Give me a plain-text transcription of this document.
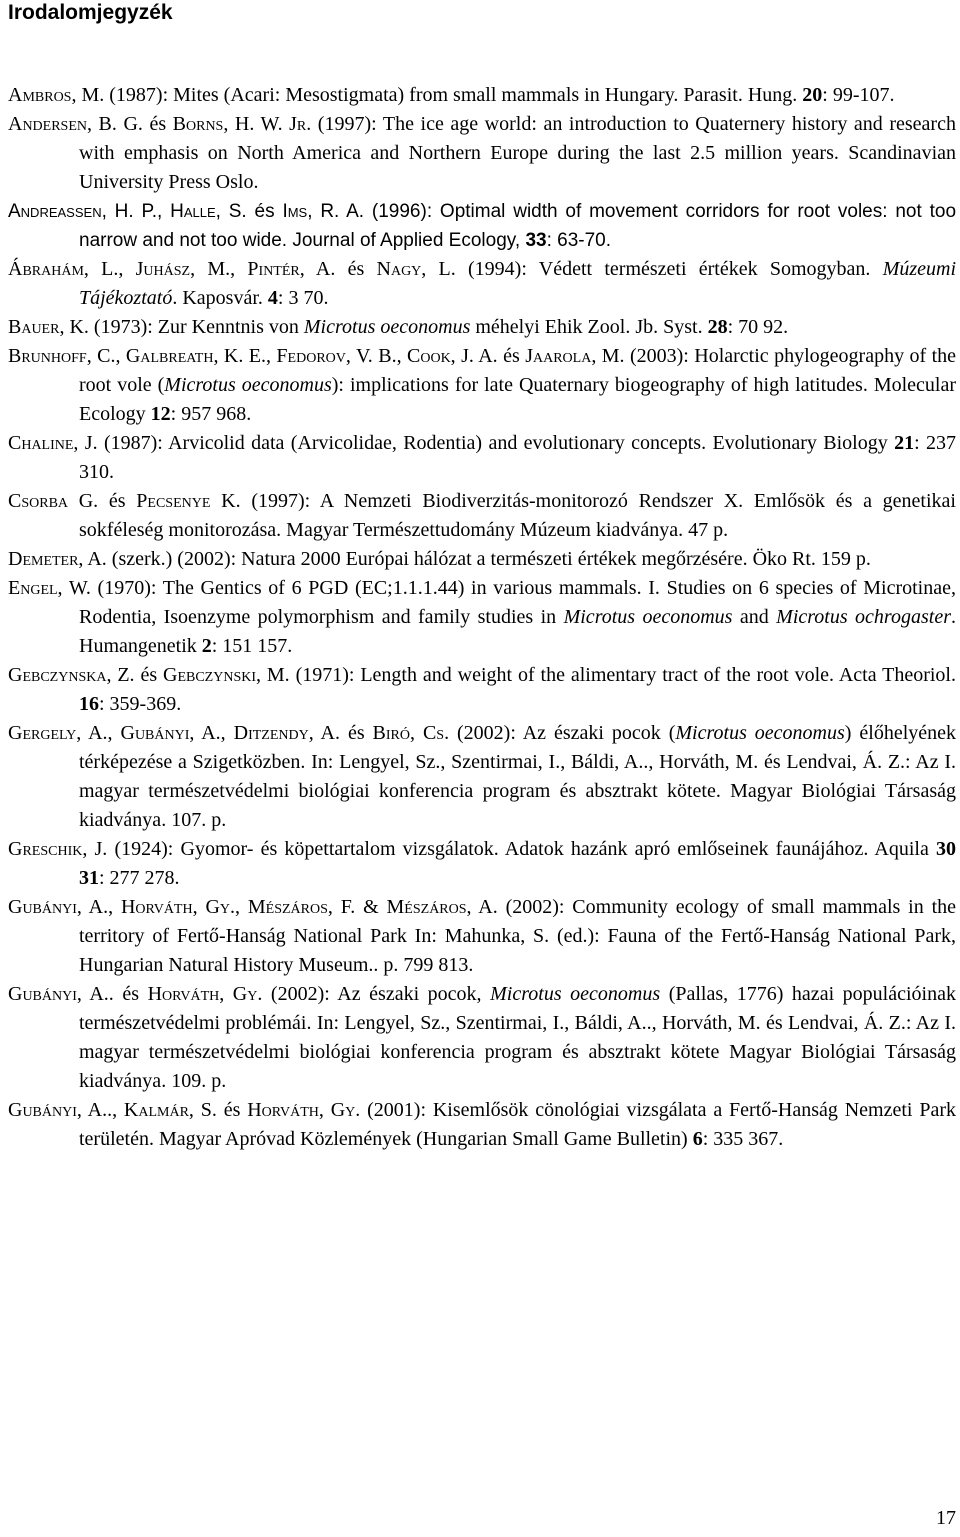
Irodalomjegyzék
Ambros, M. (1987): Mites (Acari: Mesostigmata) from small mammals in Hungary. Parasit. Hung. 20: 99-107.
Andersen, B. G. és Borns, H. W. Jr. (1997): The ice age world: an introduction to Quaternery history and research with emphasis on North America and Northern Europe during the last 2.5 million years. Scandinavian University Press Oslo.
Andreassen, H. P., Halle, S. és Ims, R. A. (1996): Optimal width of movement corridors for root voles: not too narrow and not too wide. Journal of Applied Ecology, 33: 63-70.
Ábrahám, L., Juhász, M., Pintér, A. és Nagy, L. (1994): Védett természeti értékek Somogyban. Múzeumi Tájékoztató. Kaposvár. 4: 3 70.
Bauer, K. (1973): Zur Kenntnis von Microtus oeconomus méhelyi Ehik Zool. Jb. Syst. 28: 70 92.
Brunhoff, C., Galbreath, K. E., Fedorov, V. B., Cook, J. A. és Jaarola, M. (2003): Holarctic phylogeography of the root vole (Microtus oeconomus): implications for late Quaternary biogeography of high latitudes. Molecular Ecology 12: 957 968.
Chaline, J. (1987): Arvicolid data (Arvicolidae, Rodentia) and evolutionary concepts. Evolutionary Biology 21: 237 310.
Csorba G. és Pecsenye K. (1997): A Nemzeti Biodiverzitás-monitorozó Rendszer X. Emlősök és a genetikai sokféleség monitorozása. Magyar Természettudomány Múzeum kiadványa. 47 p.
Demeter, A. (szerk.) (2002): Natura 2000 Európai hálózat a természeti értékek megőrzésére. Öko Rt. 159 p.
Engel, W. (1970): The Gentics of 6 PGD (EC;1.1.1.44) in various mammals. I. Studies on 6 species of Microtinae, Rodentia, Isoenzyme polymorphism and family studies in Microtus oeconomus and Microtus ochrogaster. Humangenetik 2: 151 157.
Gebczynska, Z. és Gebczynski, M. (1971): Length and weight of the alimentary tract of the root vole. Acta Theoriol. 16: 359-369.
Gergely, A., Gubányi, A., Ditzendy, A. és Biró, Cs. (2002): Az északi pocok (Microtus oeconomus) élőhelyének térképezése a Szigetközben. In: Lengyel, Sz., Szentirmai, I., Báldi, A.., Horváth, M. és Lendvai, Á. Z.: Az I. magyar természetvédelmi biológiai konferencia program és absztrakt kötete. Magyar Biológiai Társaság kiadványa. 107. p.
Greschik, J. (1924): Gyomor- és köpettartalom vizsgálatok. Adatok hazánk apró emlőseinek faunájához. Aquila 30 31: 277 278.
Gubányi, A., Horváth, Gy., Mészáros, F. & Mészáros, A. (2002): Community ecology of small mammals in the territory of Fertő-Hanság National Park In: Mahunka, S. (ed.): Fauna of the Fertő-Hanság National Park, Hungarian Natural History Museum.. p. 799 813.
Gubányi, A.. és Horváth, Gy. (2002): Az északi pocok, Microtus oeconomus (Pallas, 1776) hazai populációinak természetvédelmi problémái. In: Lengyel, Sz., Szentirmai, I., Báldi, A.., Horváth, M. és Lendvai, Á. Z.: Az I. magyar természetvédelmi biológiai konferencia program és absztrakt kötete Magyar Biológiai Társaság kiadványa. 109. p.
Gubányi, A.., Kalmár, S. és Horváth, Gy. (2001): Kisemlősök cönológiai vizsgálata a Fertő-Hanság Nemzeti Park területén. Magyar Apróvad Közlemények (Hungarian Small Game Bulletin) 6: 335 367.
17
